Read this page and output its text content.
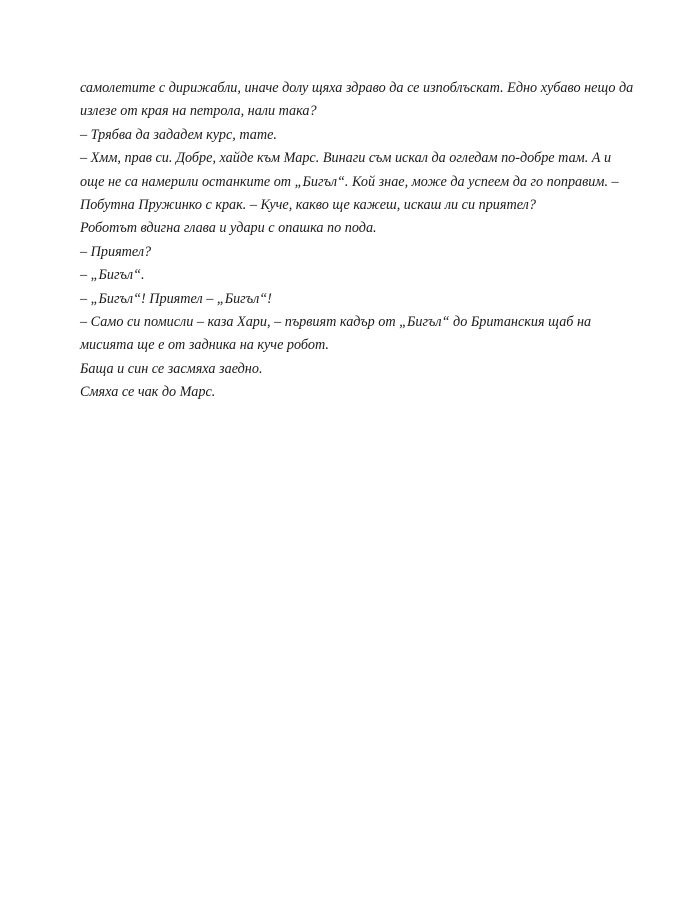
самолетите с дирижабли, иначе долу щяха здраво да се изпоблъскат. Едно хубаво нещо да
излезе от края на петрола, нали така?
– Трябва да зададем курс, тате.
– Хмм, прав си. Добре, хайде към Марс. Винаги съм искал да огледам по-добре там. А и
още не са намерили останките от „Бигъл“. Кой знае, може да успеем да го поправим. –
Побутна Пружинко с крак. – Куче, какво ще кажеш, искаш ли си приятел?
Роботът вдигна глава и удари с опашка по пода.
– Приятел?
– „Бигъл“.
– „Бигъл“! Приятел – „Бигъл“!
– Само си помисли – каза Хари, – първият кадър от „Бигъл“ до Британския щаб на
мисията ще е от задника на куче робот.
Баща и син се засмяха заедно.
Смяха се чак до Марс.
